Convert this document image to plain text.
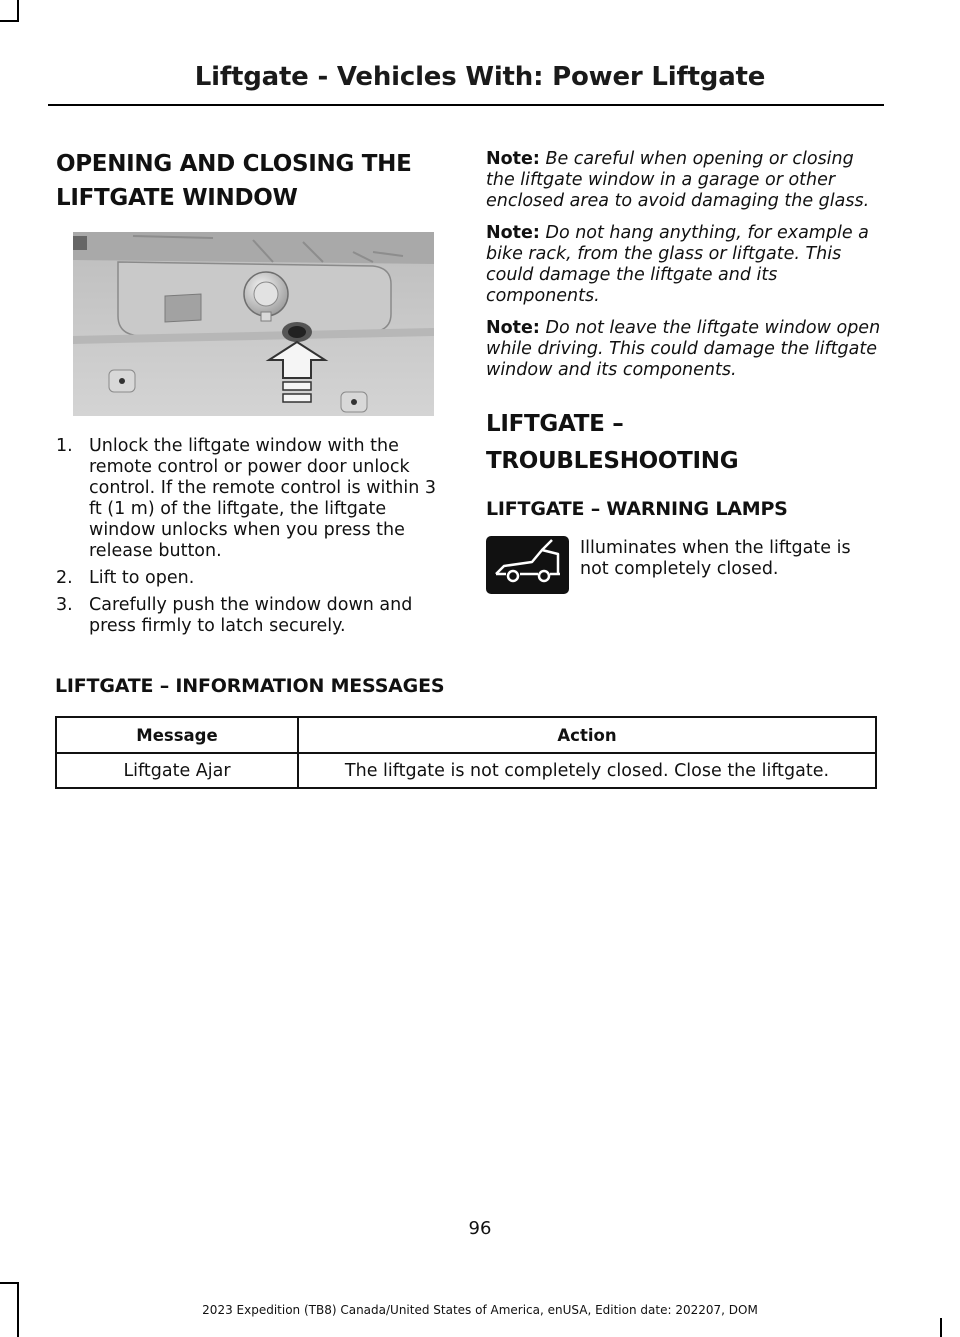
Liftgate - Vehicles With: Power Liftgate
OPENING AND CLOSING THE
LIFTGATE WINDOW
1. Unlock the liftgate window with the remote control or power door unlock control. If the remote control is within 3 ft (1 m) of the liftgate, the liftgate window unlocks when you press the release button.
2. Lift to open.
3. Carefully push the window down and press firmly to latch securely.
Note: Be careful when opening or closing the liftgate window in a garage or other enclosed area to avoid damaging the glass.
Note: Do not hang anything, for example a bike rack, from the glass or liftgate. This could damage the liftgate and its components.
Note: Do not leave the liftgate window open while driving. This could damage the liftgate window and its components.
LIFTGATE –
TROUBLESHOOTING
LIFTGATE – WARNING LAMPS
Illuminates when the liftgate is not completely closed.
LIFTGATE – INFORMATION MESSAGES
Message	Action
Liftgate Ajar	The liftgate is not completely closed. Close the liftgate.
96
2023 Expedition (TB8) Canada/United States of America, enUSA, Edition date: 202207, DOM
